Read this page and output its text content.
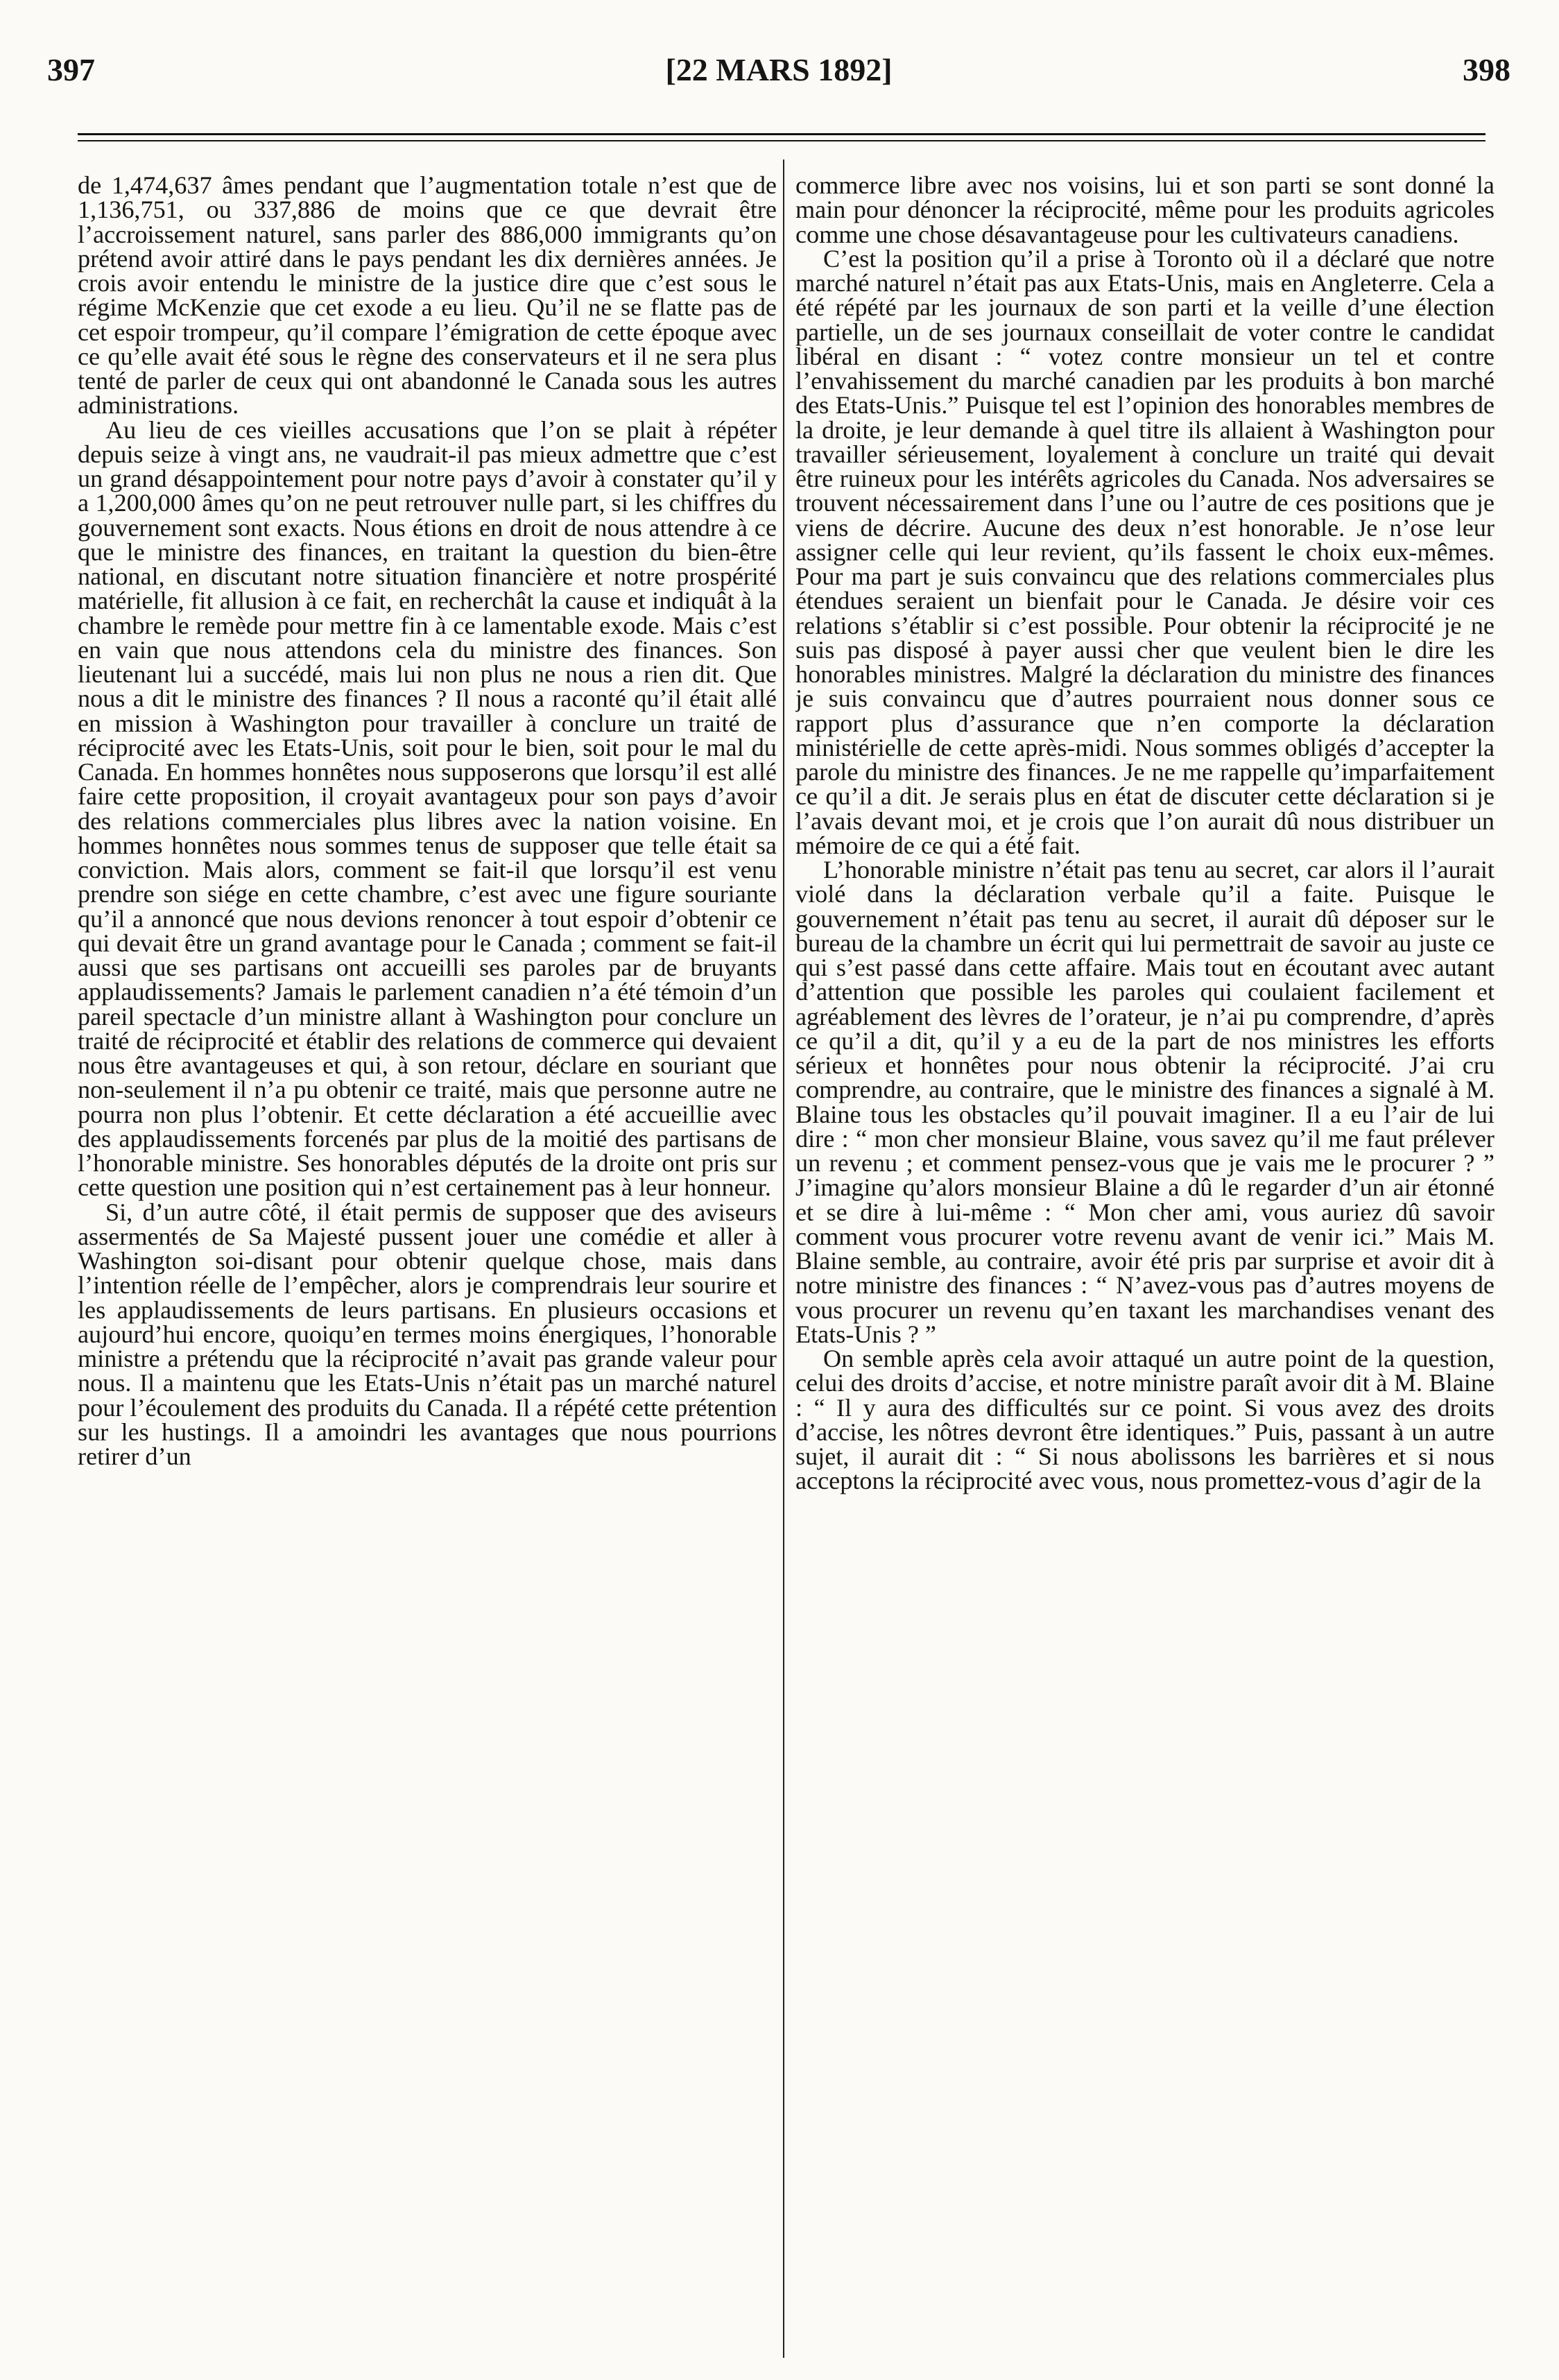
397	[22 MARS 1892]	398

de 1,474,637 âmes pendant que l’augmentation totale n’est que de 1,136,751, ou 337,886 de moins que ce que devrait être l’accroissement naturel, sans parler des 886,000 immigrants qu’on prétend avoir attiré dans le pays pendant les dix dernières années. Je crois avoir entendu le ministre de la justice dire que c’est sous le régime McKenzie que cet exode a eu lieu. Qu’il ne se flatte pas de cet espoir trompeur, qu’il compare l’émigration de cette époque avec ce qu’elle avait été sous le règne des conservateurs et il ne sera plus tenté de parler de ceux qui ont abandonné le Canada sous les autres administrations.

Au lieu de ces vieilles accusations que l’on se plait à répéter depuis seize à vingt ans, ne vaudrait-il pas mieux admettre que c’est un grand désappointement pour notre pays d’avoir à constater qu’il y a 1,200,000 âmes qu’on ne peut retrouver nulle part, si les chiffres du gouvernement sont exacts. Nous étions en droit de nous attendre à ce que le ministre des finances, en traitant la question du bien-être national, en discutant notre situation financière et notre prospérité matérielle, fit allusion à ce fait, en recherchât la cause et indiquât à la chambre le remède pour mettre fin à ce lamentable exode. Mais c’est en vain que nous attendons cela du ministre des finances. Son lieutenant lui a succédé, mais lui non plus ne nous a rien dit. Que nous a dit le ministre des finances ? Il nous a raconté qu’il était allé en mission à Washington pour travailler à conclure un traité de réciprocité avec les Etats-Unis, soit pour le bien, soit pour le mal du Canada. En hommes honnêtes nous supposerons que lorsqu’il est allé faire cette proposition, il croyait avantageux pour son pays d’avoir des relations commerciales plus libres avec la nation voisine. En hommes honnêtes nous sommes tenus de supposer que telle était sa conviction. Mais alors, comment se fait-il que lorsqu’il est venu prendre son siége en cette chambre, c’est avec une figure souriante qu’il a annoncé que nous devions renoncer à tout espoir d’obtenir ce qui devait être un grand avantage pour le Canada ; comment se fait-il aussi que ses partisans ont accueilli ses paroles par de bruyants applaudissements? Jamais le parlement canadien n’a été témoin d’un pareil spectacle d’un ministre allant à Washington pour conclure un traité de réciprocité et établir des relations de commerce qui devaient nous être avantageuses et qui, à son retour, déclare en souriant que non-seulement il n’a pu obtenir ce traité, mais que personne autre ne pourra non plus l’obtenir. Et cette déclaration a été accueillie avec des applaudissements forcenés par plus de la moitié des partisans de l’honorable ministre. Ses honorables députés de la droite ont pris sur cette question une position qui n’est certainement pas à leur honneur.

Si, d’un autre côté, il était permis de supposer que des aviseurs assermentés de Sa Majesté pussent jouer une comédie et aller à Washington soi-disant pour obtenir quelque chose, mais dans l’intention réelle de l’empêcher, alors je comprendrais leur sourire et les applaudissements de leurs partisans. En plusieurs occasions et aujourd’hui encore, quoiqu’en termes moins énergiques, l’honorable ministre a prétendu que la réciprocité n’avait pas grande valeur pour nous. Il a maintenu que les Etats-Unis n’était pas un marché naturel pour l’écoulement des produits du Canada. Il a répété cette prétention sur les hustings. Il a amoindri les avantages que nous pourrions retirer d’un

commerce libre avec nos voisins, lui et son parti se sont donné la main pour dénoncer la réciprocité, même pour les produits agricoles comme une chose désavantageuse pour les cultivateurs canadiens.

C’est la position qu’il a prise à Toronto où il a déclaré que notre marché naturel n’était pas aux Etats-Unis, mais en Angleterre. Cela a été répété par les journaux de son parti et la veille d’une élection partielle, un de ses journaux conseillait de voter contre le candidat libéral en disant : “ votez contre monsieur un tel et contre l’envahissement du marché canadien par les produits à bon marché des Etats-Unis.” Puisque tel est l’opinion des honorables membres de la droite, je leur demande à quel titre ils allaient à Washington pour travailler sérieusement, loyalement à conclure un traité qui devait être ruineux pour les intérêts agricoles du Canada. Nos adversaires se trouvent nécessairement dans l’une ou l’autre de ces positions que je viens de décrire. Aucune des deux n’est honorable. Je n’ose leur assigner celle qui leur revient, qu’ils fassent le choix eux-mêmes. Pour ma part je suis convaincu que des relations commerciales plus étendues seraient un bienfait pour le Canada. Je désire voir ces relations s’établir si c’est possible. Pour obtenir la réciprocité je ne suis pas disposé à payer aussi cher que veulent bien le dire les honorables ministres. Malgré la déclaration du ministre des finances je suis convaincu que d’autres pourraient nous donner sous ce rapport plus d’assurance que n’en comporte la déclaration ministérielle de cette après-midi. Nous sommes obligés d’accepter la parole du ministre des finances. Je ne me rappelle qu’imparfaitement ce qu’il a dit. Je serais plus en état de discuter cette déclaration si je l’avais devant moi, et je crois que l’on aurait dû nous distribuer un mémoire de ce qui a été fait.

L’honorable ministre n’était pas tenu au secret, car alors il l’aurait violé dans la déclaration verbale qu’il a faite. Puisque le gouvernement n’était pas tenu au secret, il aurait dû déposer sur le bureau de la chambre un écrit qui lui permettrait de savoir au juste ce qui s’est passé dans cette affaire. Mais tout en écoutant avec autant d’attention que possible les paroles qui coulaient facilement et agréablement des lèvres de l’orateur, je n’ai pu comprendre, d’après ce qu’il a dit, qu’il y a eu de la part de nos ministres les efforts sérieux et honnêtes pour nous obtenir la réciprocité. J’ai cru comprendre, au contraire, que le ministre des finances a signalé à M. Blaine tous les obstacles qu’il pouvait imaginer. Il a eu l’air de lui dire : “ mon cher monsieur Blaine, vous savez qu’il me faut prélever un revenu ; et comment pensez-vous que je vais me le procurer ? ” J’imagine qu’alors monsieur Blaine a dû le regarder d’un air étonné et se dire à lui-même : “ Mon cher ami, vous auriez dû savoir comment vous procurer votre revenu avant de venir ici.” Mais M. Blaine semble, au contraire, avoir été pris par surprise et avoir dit à notre ministre des finances : “ N’avez-vous pas d’autres moyens de vous procurer un revenu qu’en taxant les marchandises venant des Etats-Unis ? ”

On semble après cela avoir attaqué un autre point de la question, celui des droits d’accise, et notre ministre paraît avoir dit à M. Blaine : “ Il y aura des difficultés sur ce point. Si vous avez des droits d’accise, les nôtres devront être identiques.” Puis, passant à un autre sujet, il aurait dit : “ Si nous abolissons les barrières et si nous acceptons la réciprocité avec vous, nous promettez-vous d’agir de la
